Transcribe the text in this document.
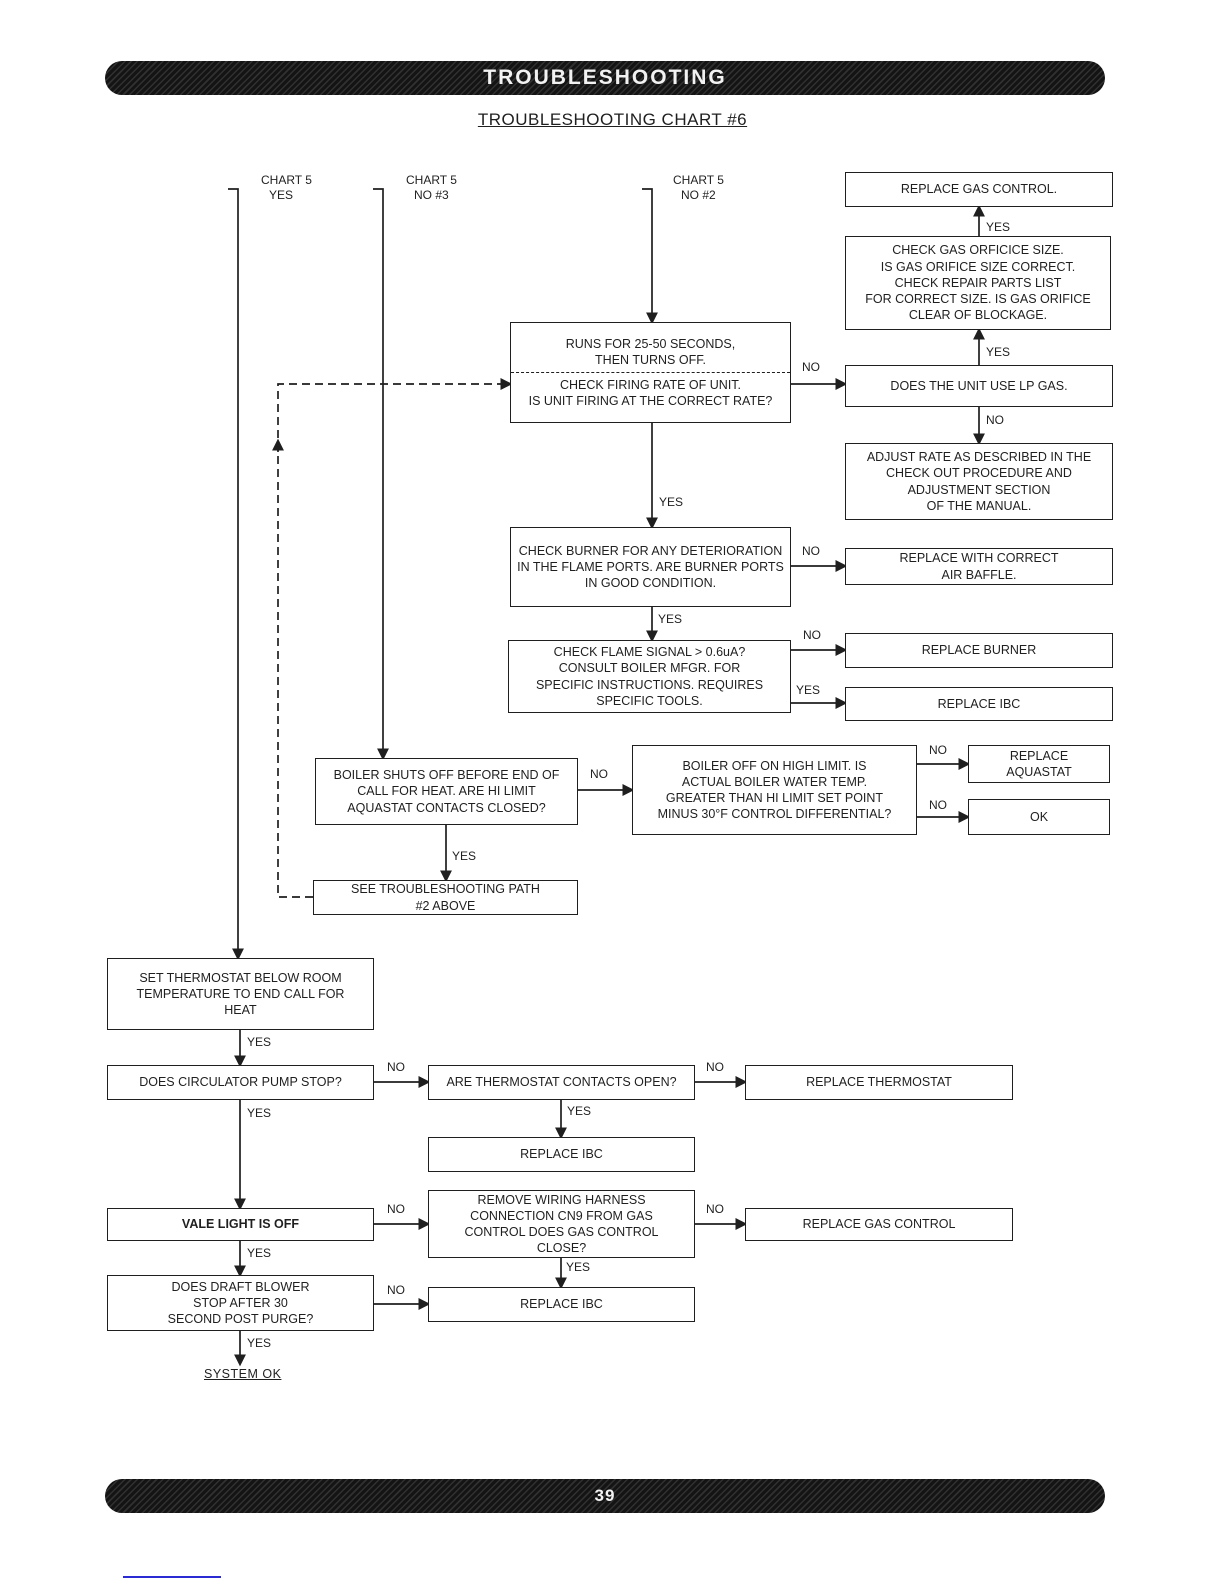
TROUBLESHOOTING
TROUBLESHOOTING CHART #6
REPLACE GAS CONTROL.
CHECK GAS ORFICICE SIZE.
IS GAS ORIFICE SIZE CORRECT.
CHECK REPAIR PARTS LIST
FOR CORRECT SIZE. IS GAS ORIFICE
CLEAR OF BLOCKAGE.
RUNS FOR 25-50 SECONDS,
THEN TURNS OFF.
CHECK FIRING RATE OF UNIT.
IS UNIT FIRING AT THE CORRECT RATE?
DOES THE UNIT USE LP GAS.
ADJUST RATE AS DESCRIBED IN THE
CHECK OUT PROCEDURE AND
ADJUSTMENT SECTION
OF THE MANUAL.
CHECK BURNER FOR ANY DETERIORATION
IN THE FLAME PORTS. ARE BURNER PORTS
IN GOOD CONDITION.
REPLACE WITH CORRECT
AIR BAFFLE.
CHECK FLAME SIGNAL > 0.6uA?
CONSULT BOILER MFGR. FOR
SPECIFIC INSTRUCTIONS. REQUIRES
SPECIFIC TOOLS.
REPLACE BURNER
REPLACE IBC
BOILER SHUTS OFF BEFORE END OF
CALL FOR HEAT. ARE HI LIMIT
AQUASTAT CONTACTS CLOSED?
BOILER OFF ON HIGH LIMIT. IS
ACTUAL BOILER WATER TEMP.
GREATER THAN HI LIMIT SET POINT
MINUS 30°F CONTROL DIFFERENTIAL?
REPLACE
AQUASTAT
OK
SEE TROUBLESHOOTING PATH
#2 ABOVE
SET THERMOSTAT BELOW ROOM
TEMPERATURE TO END CALL FOR
HEAT
DOES CIRCULATOR PUMP STOP?	ARE THERMOSTAT CONTACTS OPEN?	REPLACE THERMOSTAT
REPLACE IBC
VALE LIGHT IS OFF
REMOVE WIRING HARNESS
CONNECTION CN9 FROM GAS
CONTROL DOES GAS CONTROL
CLOSE?
REPLACE GAS CONTROL
DOES DRAFT BLOWER
STOP AFTER 30
SECOND POST PURGE?
REPLACE IBC
CHART 5
YES
CHART 5
NO #3
CHART 5
NO #2
NO
YES
YES
NO
YES
NO
YES
NO
YES
NO
NO
NO
YES
YES
NO	NO
YES
YES
NO	NO
YES
YES
NO
YES
SYSTEM OK
39
